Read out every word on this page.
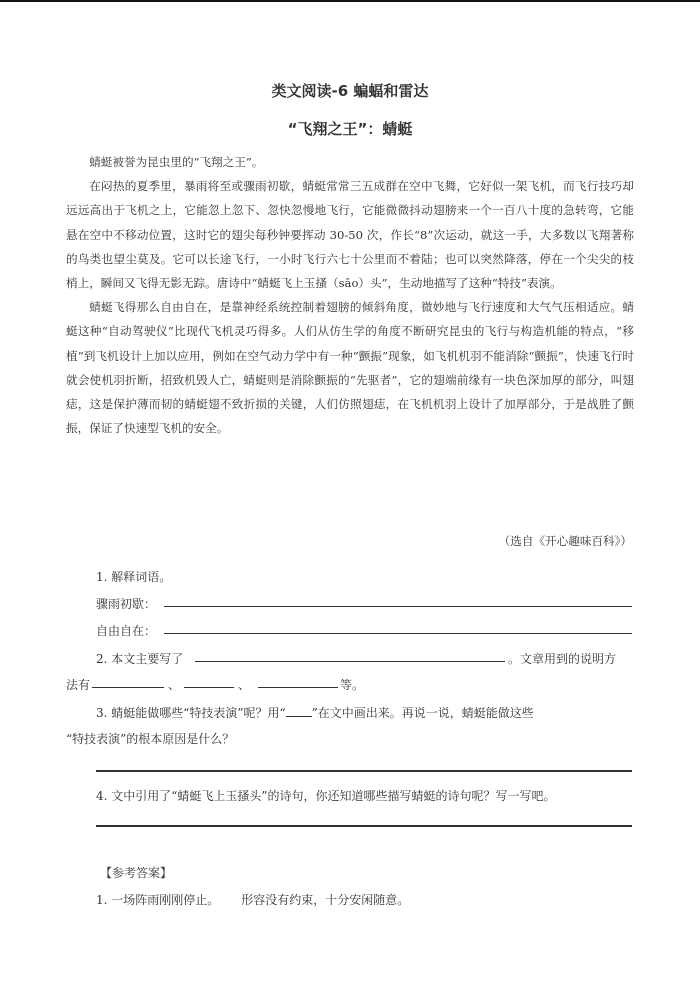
类文阅读-6 蝙蝠和雷达
“飞翔之王”：蜻蜓

蜻蜓被誉为昆虫里的“飞翔之王”。

在闷热的夏季里，暴雨将至或骤雨初歇，蜻蜓常常三五成群在空中飞舞，它好似一架飞机，而飞行技巧却远远高出于飞机之上，它能忽上忽下、忽快忽慢地飞行，它能微微抖动翅膀来一个一百八十度的急转弯，它能悬在空中不移动位置，这时它的翅尖每秒钟要挥动 30-50 次，作长“8”次运动，就这一手，大多数以飞翔著称的鸟类也望尘莫及。它可以长途飞行，一小时飞行六七十公里而不着陆；也可以突然降落，停在一个尖尖的枝梢上，瞬间又飞得无影无踪。唐诗中“蜻蜓飞上玉搔（sāo）头”，生动地描写了这种“特技”表演。

蜻蜓飞得那么自由自在，是靠神经系统控制着翅膀的倾斜角度，微妙地与飞行速度和大气气压相适应。蜻蜓这种“自动驾驶仪”比现代飞机灵巧得多。人们从仿生学的角度不断研究昆虫的飞行与构造机能的特点，“移植”到飞机设计上加以应用，例如在空气动力学中有一种“颤振”现象，如飞机机羽不能消除“颤振”，快速飞行时就会使机羽折断，招致机毁人亡，蜻蜓则是消除颤振的“先驱者”，它的翅端前缘有一块色深加厚的部分，叫翅痣，这是保护薄而韧的蜻蜓翅不致折损的关键，人们仿照翅痣，在飞机机羽上设计了加厚部分，于是战胜了颤振，保证了快速型飞机的安全。

（选自《开心趣味百科》）
1. 解释词语。
骤雨初歇：
自由自在：
2. 本文主要写了	。文章用到的说明方
法有	、	、	等。
3. 蜻蜓能做哪些“特技表演”呢？用“ ”在文中画出来。再说一说，蜻蜓能做这些
“特技表演”的根本原因是什么？
4. 文中引用了“蜻蜓飞上玉搔头”的诗句，你还知道哪些描写蜻蜓的诗句呢？写一写吧。
【参考答案】
1. 一场阵雨刚刚停止。 形容没有约束，十分安闲随意。
